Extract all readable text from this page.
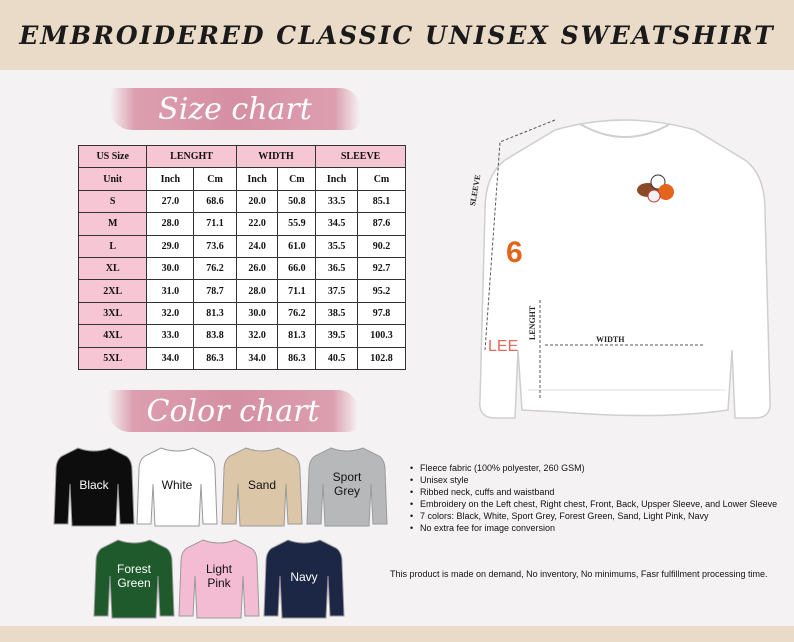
EMBROIDERED CLASSIC UNISEX SWEATSHIRT
Size chart
US Size	LENGHT		WIDTH		SLEEVE	
Unit	Inch	Cm	Inch	Cm	Inch	Cm
S	27.0	68.6	20.0	50.8	33.5	85.1
M	28.0	71.1	22.0	55.9	34.5	87.6
L	29.0	73.6	24.0	61.0	35.5	90.2
XL	30.0	76.2	26.0	66.0	36.5	92.7
2XL	31.0	78.7	28.0	71.1	37.5	95.2
3XL	32.0	81.3	30.0	76.2	38.5	97.8
4XL	33.0	83.8	32.0	81.3	39.5	100.3
5XL	34.0	86.3	34.0	86.3	40.5	102.8
Color chart
Black	White	Sand
Sport
Grey
Forest
Green
Light
Pink	Navy
SLEEVE
LENGHT	WIDTH
6
LEE
• Fleece fabric (100% polyester, 260 GSM)
• Unisex style
• Ribbed neck, cuffs and waistband
• Embroidery on the Left chest, Right chest, Front, Back, Upsper Sleeve, and Lower Sleeve
• 7 colors: Black, White, Sport Grey, Forest Green, Sand, Light Pink, Navy
• No extra fee for image conversion
This product is made on demand, No inventory, No minimums, Fasr fulfillment processing time.
